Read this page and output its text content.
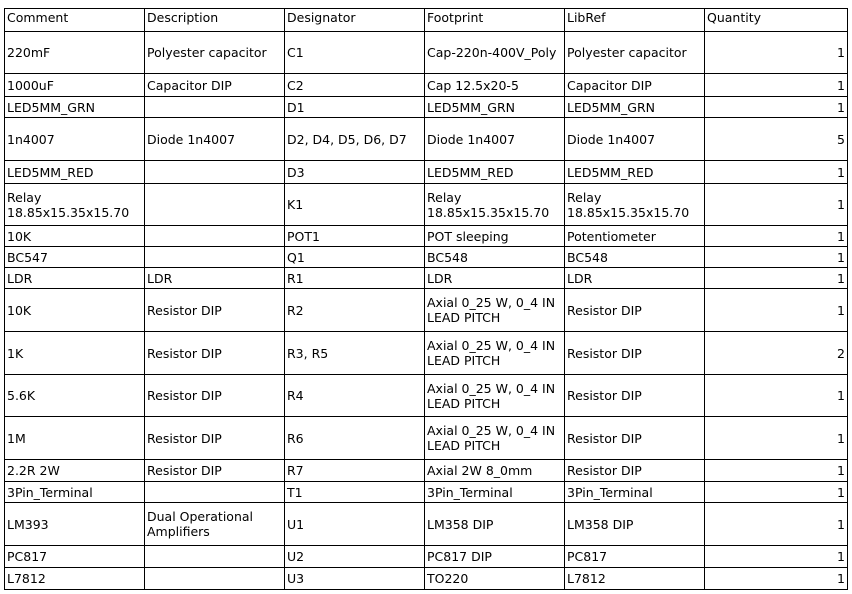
Comment	Description	Designator	Footprint	LibRef	Quantity
220mF	Polyester capacitor	C1	Cap-220n-400V_Poly	Polyester capacitor	1
1000uF	Capacitor DIP	C2	Cap 12.5x20-5	Capacitor DIP	1
LED5MM_GRN		D1	LED5MM_GRN	LED5MM_GRN	1
1n4007	Diode 1n4007	D2, D4, D5, D6, D7	Diode 1n4007	Diode 1n4007	5
LED5MM_RED		D3	LED5MM_RED	LED5MM_RED	1
Relay 18.85x15.35x15.70		K1	Relay 18.85x15.35x15.70	Relay 18.85x15.35x15.70	1
10K		POT1	POT sleeping	Potentiometer	1
BC547		Q1	BC548	BC548	1
LDR	LDR	R1	LDR	LDR	1
10K	Resistor DIP	R2	Axial 0_25 W, 0_4 IN LEAD PITCH	Resistor DIP	1
1K	Resistor DIP	R3, R5	Axial 0_25 W, 0_4 IN LEAD PITCH	Resistor DIP	2
5.6K	Resistor DIP	R4	Axial 0_25 W, 0_4 IN LEAD PITCH	Resistor DIP	1
1M	Resistor DIP	R6	Axial 0_25 W, 0_4 IN LEAD PITCH	Resistor DIP	1
2.2R 2W	Resistor DIP	R7	Axial 2W 8_0mm	Resistor DIP	1
3Pin_Terminal		T1	3Pin_Terminal	3Pin_Terminal	1
LM393	Dual Operational Amplifiers	U1	LM358 DIP	LM358 DIP	1
PC817		U2	PC817 DIP	PC817	1
L7812		U3	TO220	L7812	1
